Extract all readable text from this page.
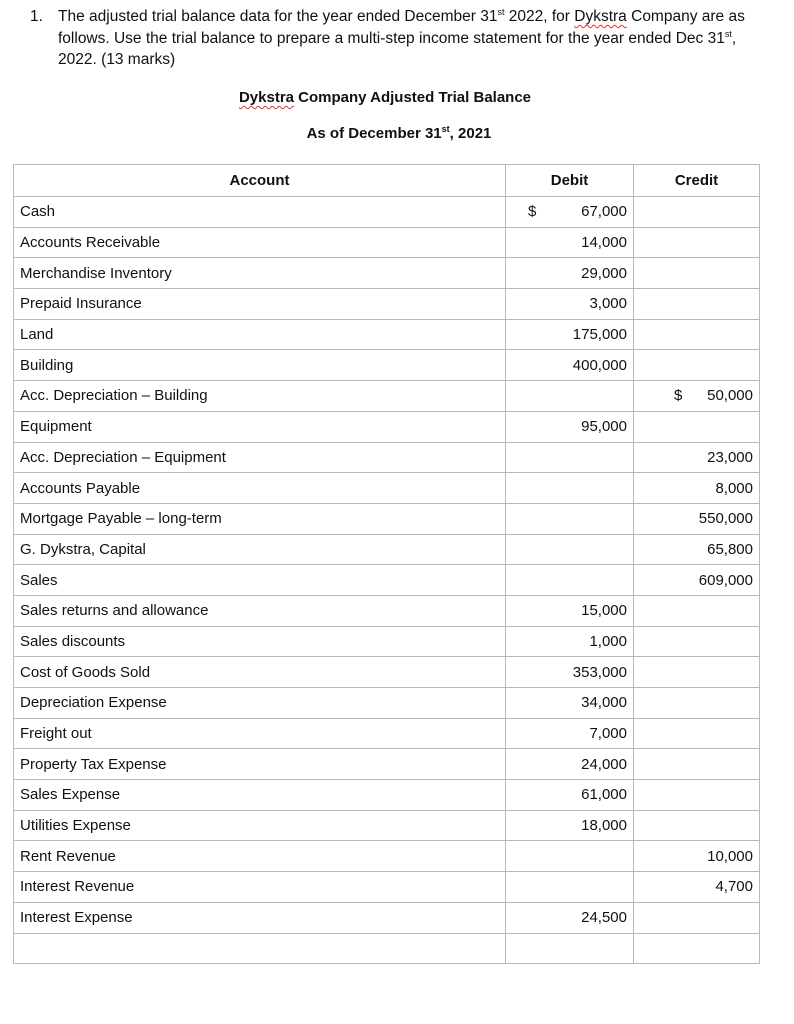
1. The adjusted trial balance data for the year ended December 31st 2022, for Dykstra Company are as follows. Use the trial balance to prepare a multi-step income statement for the year ended Dec 31st, 2022. (13 marks)
Dykstra Company Adjusted Trial Balance
As of December 31st, 2021
Account	Debit	Credit
Cash	$ 67,000	
Accounts Receivable	14,000	
Merchandise Inventory	29,000	
Prepaid Insurance	3,000	
Land	175,000	
Building	400,000	
Acc. Depreciation – Building		$ 50,000
Equipment	95,000	
Acc. Depreciation – Equipment		23,000
Accounts Payable		8,000
Mortgage Payable – long-term		550,000
G. Dykstra, Capital		65,800
Sales		609,000
Sales returns and allowance	15,000	
Sales discounts	1,000	
Cost of Goods Sold	353,000	
Depreciation Expense	34,000	
Freight out	7,000	
Property Tax Expense	24,000	
Sales Expense	61,000	
Utilities Expense	18,000	
Rent Revenue		10,000
Interest Revenue		4,700
Interest Expense	24,500	
